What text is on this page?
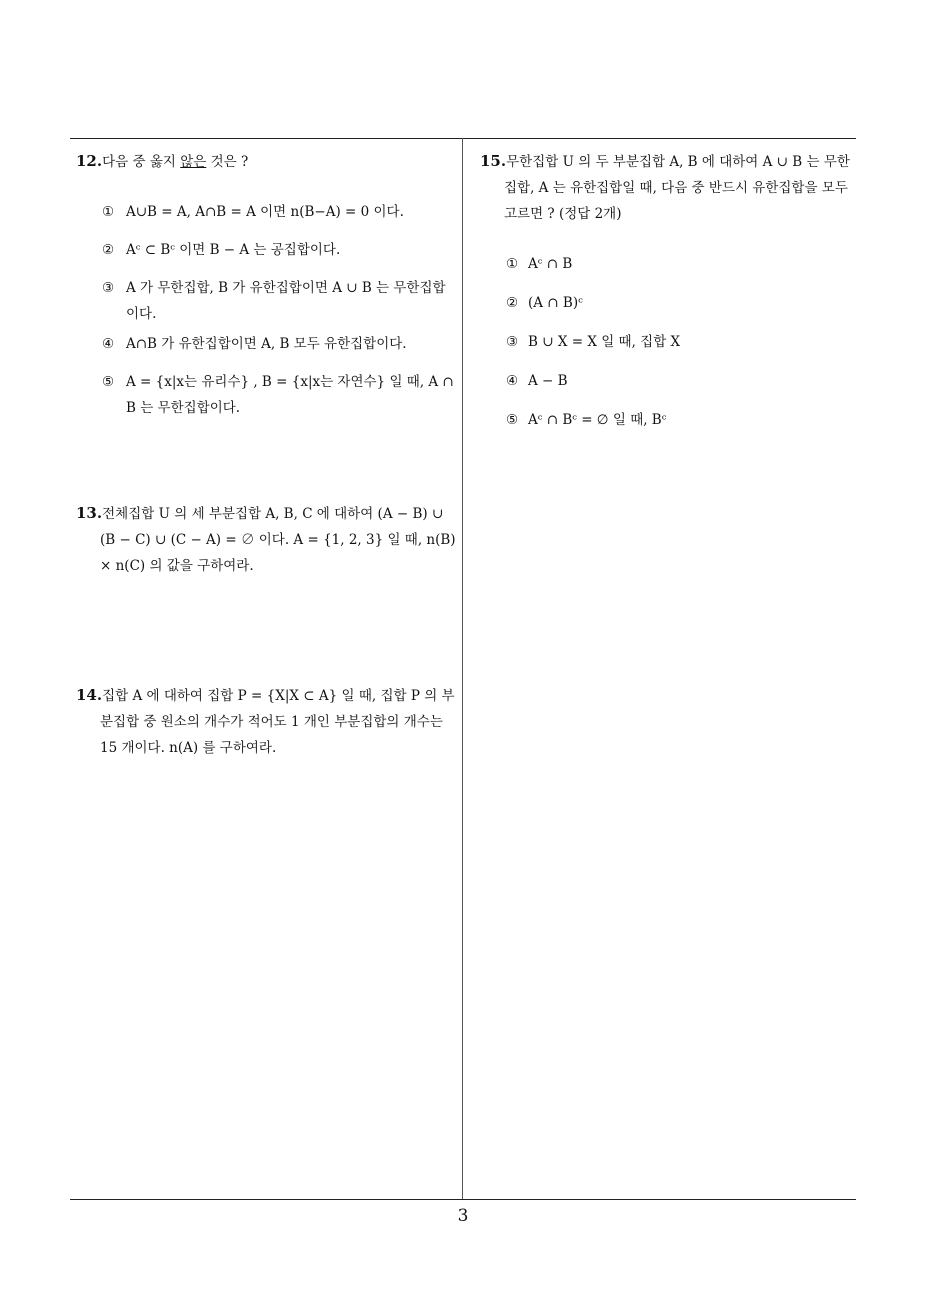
12.다음 중 옳지 않은 것은 ?
① A∪B = A, A∩B = A 이면 n(B−A) = 0 이다.
② Aᶜ ⊂ Bᶜ 이면 B − A 는 공집합이다.
③ A 가 무한집합, B 가 유한집합이면 A ∪ B 는 무한집합이다.
④ A∩B 가 유한집합이면 A, B 모두 유한집합이다.
⑤ A = {x|x는 유리수} , B = {x|x는 자연수} 일 때, A ∩ B 는 무한집합이다.
13.전체집합 U 의 세 부분집합 A, B, C 에 대하여 (A − B) ∪ (B − C) ∪ (C − A) = ∅ 이다. A = {1, 2, 3} 일 때, n(B) × n(C) 의 값을 구하여라.
14.집합 A 에 대하여 집합 P = {X|X ⊂ A} 일 때, 집합 P 의 부분집합 중 원소의 개수가 적어도 1 개인 부분집합의 개수는 15 개이다. n(A) 를 구하여라.
15.무한집합 U 의 두 부분집합 A, B 에 대하여 A ∪ B 는 무한집합, A 는 유한집합일 때, 다음 중 반드시 유한집합을 모두 고르면 ? (정답 2개)
① Aᶜ ∩ B
② (A ∩ B)ᶜ
③ B ∪ X = X 일 때, 집합 X
④ A − B
⑤ Aᶜ ∩ Bᶜ = ∅ 일 때, Bᶜ
3
